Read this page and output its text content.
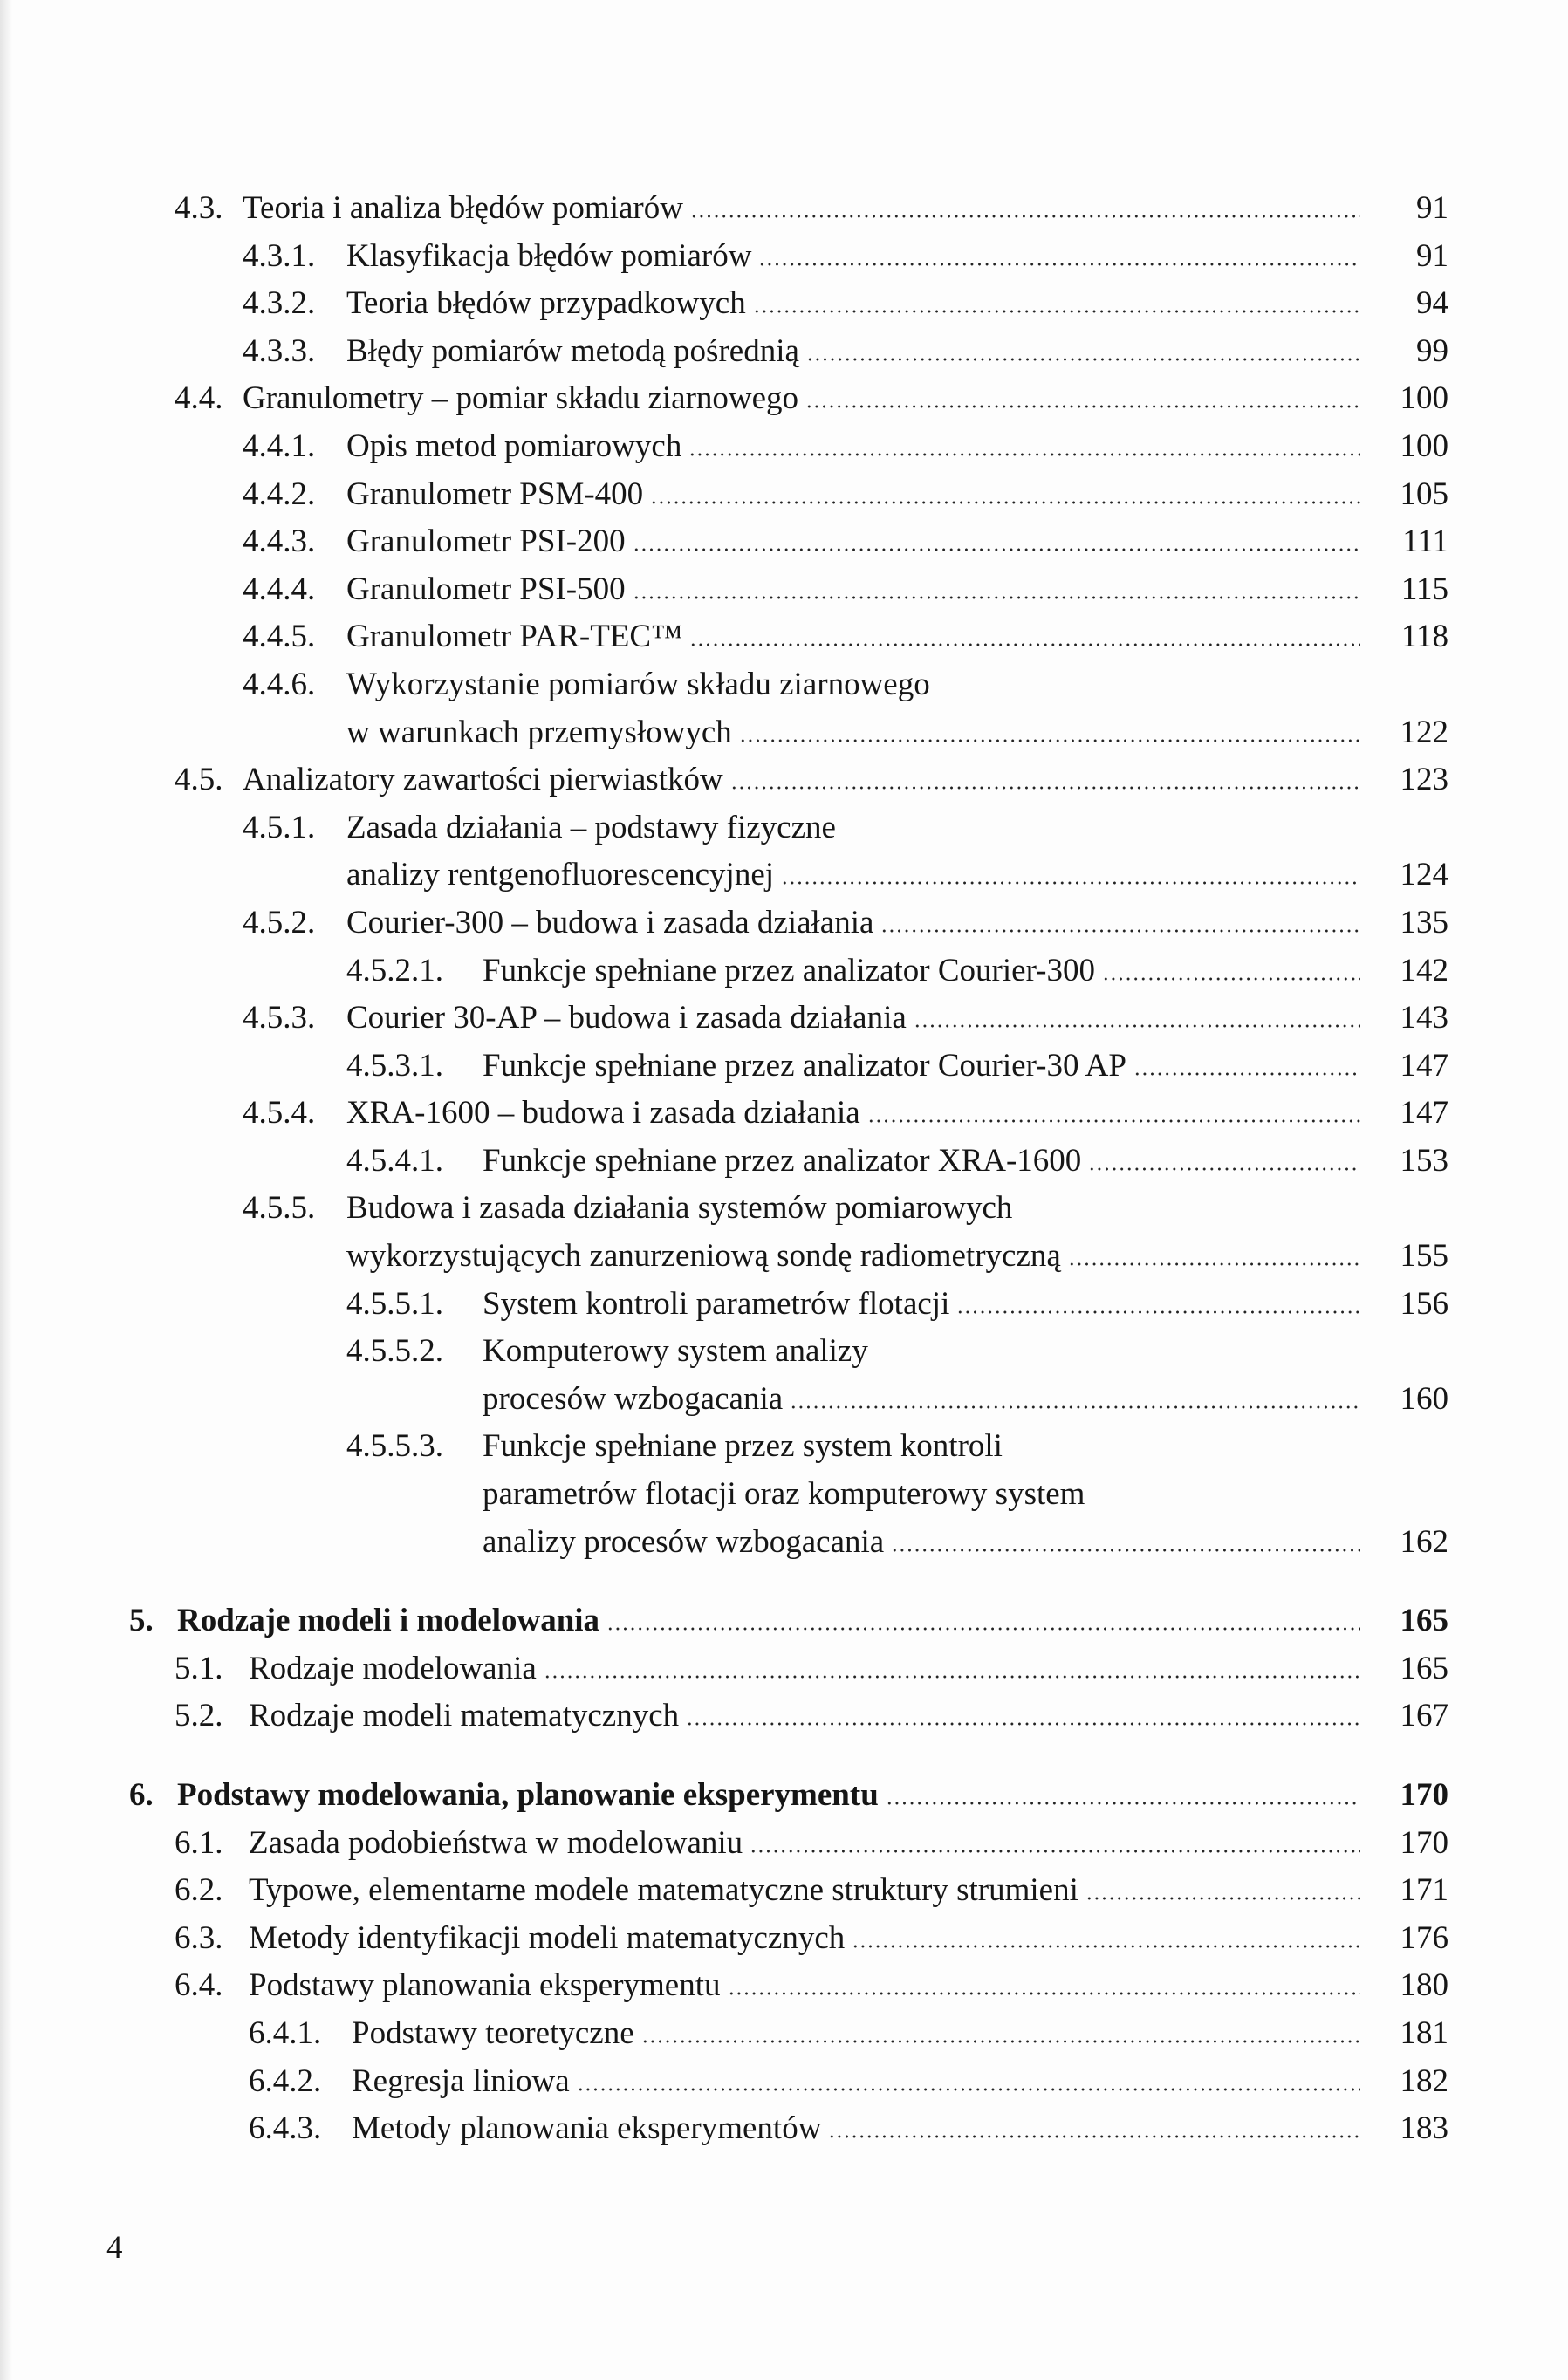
4.3. Teoria i analiza błędów pomiarów	91
4.3.1. Klasyfikacja błędów pomiarów	91
4.3.2. Teoria błędów przypadkowych	94
4.3.3. Błędy pomiarów metodą pośrednią	99
4.4. Granulometry – pomiar składu ziarnowego	100
4.4.1. Opis metod pomiarowych	100
4.4.2. Granulometr PSM-400	105
4.4.3. Granulometr PSI-200	111
4.4.4. Granulometr PSI-500	115
4.4.5. Granulometr PAR-TEC™	118
4.4.6. Wykorzystanie pomiarów składu ziarnowego
w warunkach przemysłowych	122
4.5. Analizatory zawartości pierwiastków	123
4.5.1. Zasada działania – podstawy fizyczne
analizy rentgenofluorescencyjnej	124
4.5.2. Courier-300 – budowa i zasada działania	135
4.5.2.1. Funkcje spełniane przez analizator Courier-300	142
4.5.3. Courier 30-AP – budowa i zasada działania	143
4.5.3.1. Funkcje spełniane przez analizator Courier-30 AP	147
4.5.4. XRA-1600 – budowa i zasada działania	147
4.5.4.1. Funkcje spełniane przez analizator XRA-1600	153
4.5.5. Budowa i zasada działania systemów pomiarowych
wykorzystujących zanurzeniową sondę radiometryczną	155
4.5.5.1. System kontroli parametrów flotacji	156
4.5.5.2. Komputerowy system analizy
procesów wzbogacania	160
4.5.5.3. Funkcje spełniane przez system kontroli
parametrów flotacji oraz komputerowy system
analizy procesów wzbogacania	162
5. Rodzaje modeli i modelowania	165
5.1. Rodzaje modelowania	165
5.2. Rodzaje modeli matematycznych	167
6. Podstawy modelowania, planowanie eksperymentu	170
6.1. Zasada podobieństwa w modelowaniu	170
6.2. Typowe, elementarne modele matematyczne struktury strumieni	171
6.3. Metody identyfikacji modeli matematycznych	176
6.4. Podstawy planowania eksperymentu	180
6.4.1. Podstawy teoretyczne	181
6.4.2. Regresja liniowa	182
6.4.3. Metody planowania eksperymentów	183
4
